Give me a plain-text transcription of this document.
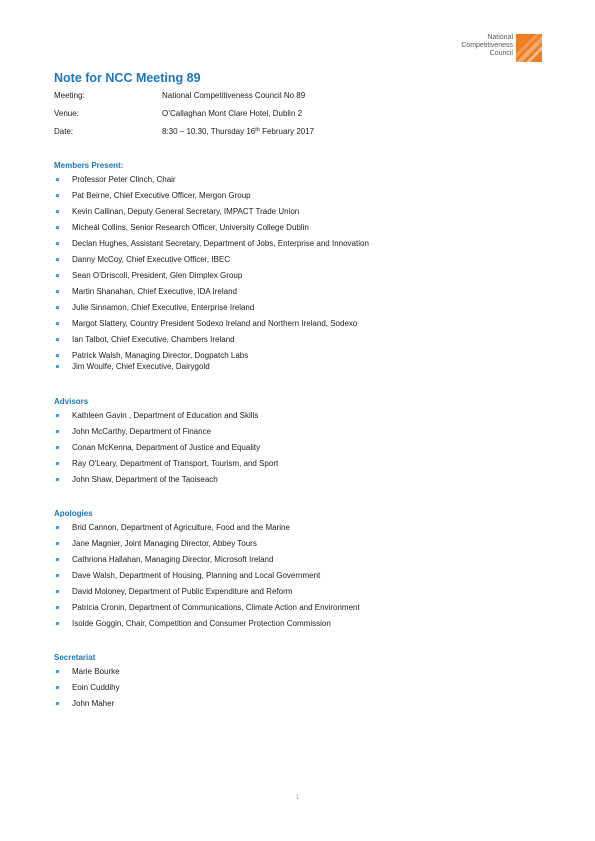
National
Competitiveness
Council
Note for NCC Meeting 89
Meeting:	National Competitiveness Council No 89
Venue:	O’Callaghan Mont Clare Hotel, Dublin 2
Date:	8:30 – 10.30, Thursday 16th February 2017
Members Present:
Professor Peter Clinch, Chair
Pat Beirne, Chief Executive Officer, Mergon Group
Kevin Callinan, Deputy General Secretary, IMPACT Trade Union
Micheál Collins, Senior Research Officer, University College Dublin
Declan Hughes, Assistant Secretary, Department of Jobs, Enterprise and Innovation
Danny McCoy, Chief Executive Officer, IBEC
Sean O’Driscoll, President, Glen Dimplex Group
Martin Shanahan, Chief Executive, IDA Ireland
Julie Sinnamon, Chief Executive, Enterprise Ireland
Margot Slattery, Country President Sodexo Ireland and Northern Ireland, Sodexo
Ian Talbot, Chief Executive, Chambers Ireland
Patrick Walsh, Managing Director, Dogpatch Labs
Jim Woulfe, Chief Executive, Dairygold
Advisors
Kathleen Gavin , Department of Education and Skills
John McCarthy, Department of Finance
Conan McKenna, Department of Justice and Equality
Ray O'Leary, Department of Transport, Tourism, and Sport
John Shaw, Department of the Taoiseach
Apologies
Brid Cannon, Department of Agriculture, Food and the Marine
Jane Magnier, Joint Managing Director, Abbey Tours
Cathriona Hallahan, Managing Director, Microsoft Ireland
Dave Walsh, Department of Housing, Planning and Local Government
David Moloney, Department of Public Expenditure and Reform
Patricia Cronin, Department of Communications, Climate Action and Environment
Isolde Goggin, Chair, Competition and Consumer Protection Commission
Secretariat
Marie Bourke
Eoin Cuddihy
John Maher
1
